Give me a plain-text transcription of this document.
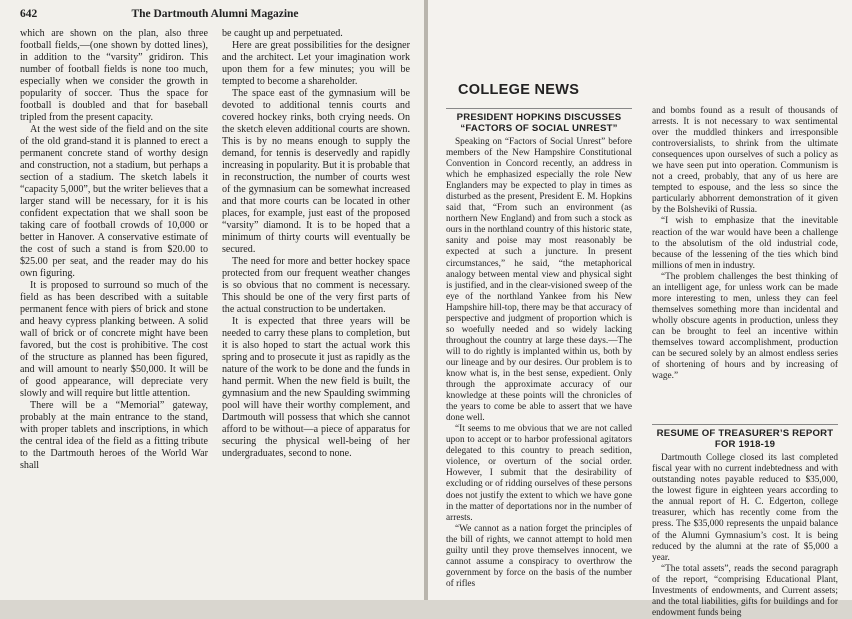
642	The Dartmouth Alumni Magazine

which are shown on the plan, also three football fields,—(one shown by dotted lines), in addition to the “varsity” gridiron. This number of football fields is none too much, especially when we consider the growth in popularity of soccer. Thus the space for football is doubled and that for baseball tripled from the present capacity.

At the west side of the field and on the site of the old grand-stand it is planned to erect a permanent concrete stand of worthy design and construction, not a stadium, but perhaps a section of a stadium. The sketch labels it “capacity 5,000”, but the writer believes that a larger stand will be necessary, for it is his confident expectation that we shall soon be taking care of football crowds of 10,000 or better in Hanover. A conservative estimate of the cost of such a stand is from $20.00 to $25.00 per seat, and the reader may do his own figuring.

It is proposed to surround so much of the field as has been described with a suitable permanent fence with piers of brick and stone and heavy cypress planking between. A solid wall of brick or of concrete might have been favored, but the cost is prohibitive. The cost of the structure as planned has been figured, and will amount to nearly $50,000. It will be of good appearance, will depreciate very slowly and will require but little attention.

There will be a “Memorial” gateway, probably at the main entrance to the stand, with proper tablets and inscriptions, in which the central idea of the field as a fitting tribute to the Dartmouth heroes of the World War shall

be caught up and perpetuated.

Here are great possibilities for the designer and the architect. Let your imagination work upon them for a few minutes; you will be tempted to become a shareholder.

The space east of the gymnasium will be devoted to additional tennis courts and covered hockey rinks, both crying needs. On the sketch eleven additional courts are shown. This is by no means enough to supply the demand, for tennis is deservedly and rapidly increasing in popularity. But it is probable that in reconstruction, the number of courts west of the gymnasium can be somewhat increased and that more courts can be located in other places, for example, just east of the proposed “varsity” diamond. It is to be hoped that a minimum of thirty courts will eventually be secured.

The need for more and better hockey space protected from our frequent weather changes is so obvious that no comment is necessary. This should be one of the very first parts of the actual construction to be undertaken.

It is expected that three years will be needed to carry these plans to completion, but it is also hoped to start the actual work this spring and to prosecute it just as rapidly as the nature of the work to be done and the funds in hand permit. When the new field is built, the gymnasium and the new Spaulding swimming pool will have their worthy complement, and Dartmouth will possess that which she cannot afford to be without—a piece of apparatus for securing the physical well-being of her undergraduates, second to none.

COLLEGE NEWS
PRESIDENT HOPKINS DISCUSSES
“FACTORS OF SOCIAL UNREST”

Speaking on “Factors of Social Unrest” before members of the New Hampshire Constitutional Convention in Concord recently, an address in which he emphasized especially the role New Englanders may be expected to play in times as disturbed as the present, President E. M. Hopkins said that, “From such an environment (as northern New England) and from such a stock as ours in the northland country of this historic state, sanity and poise may most reasonably be expected at such a juncture. In present circumstances,” he said, “the metaphorical analogy between mental view and physical sight is justified, and in the clear-visioned sweep of the eye of the northland Yankee from his New Hampshire hill-top, there may be that accuracy of perspective and judgment of proportion which is so woefully needed and so widely lacking throughout the country at large these days.—The will to do rightly is implanted within us, both by our lineage and by our desires. Our problem is to know what is, in the best sense, expedient. Only through the approximate accuracy of our knowledge at these points will the chronicles of the years to come be able to assert that we have done well.

“It seems to me obvious that we are not called upon to accept or to harbor professional agitators delegated to this country to preach sedition, violence, or overturn of the social order. However, I submit that the desirability of excluding or of ridding ourselves of these persons does not justify the extent to which we have gone in the matter of deportations nor in the number of arrests.

“We cannot as a nation forget the principles of the bill of rights, we cannot attempt to hold men guilty until they prove themselves innocent, we cannot assume a conspiracy to overthrow the government by force on the basis of the number of rifles

and bombs found as a result of thousands of arrests. It is not necessary to wax sentimental over the muddled thinkers and irresponsible controversialists, to shrink from the ultimate consequences upon ourselves of such a policy as we have seen put into operation. Communism is not a creed, probably, that any of us here are tempted to espouse, and the less so since the particularly abhorrent demonstration of it given by the Bolsheviki of Russia.

“I wish to emphasize that the inevitable reaction of the war would have been a challenge to the absolutism of the old industrial code, because of the lessening of the ties which bind millions of men in industry.

“The problem challenges the best thinking of an intelligent age, for unless work can be made more interesting to men, unless they can feel themselves something more than incidental and wholly obscure agents in production, unless they can be brought to feel an incentive within themselves toward accomplishment, production can be secured solely by an almost endless series of shortening of hours and by increasing of wage.”

RESUME OF TREASURER’S REPORT
FOR 1918-19

Dartmouth College closed its last completed fiscal year with no current indebtedness and with outstanding notes payable reduced to $35,000, the lowest figure in eighteen years according to the annual report of H. C. Edgerton, college treasurer, which has recently come from the press. The $35,000 represents the unpaid balance of the Alumni Gymnasium’s cost. It is being reduced by the alumni at the rate of $5,000 a year.

“The total assets”, reads the second paragraph of the report, “comprising Educational Plant, Investments of endowments, and Current assets; and the total liabilities, gifts for buildings and for endowment funds being
